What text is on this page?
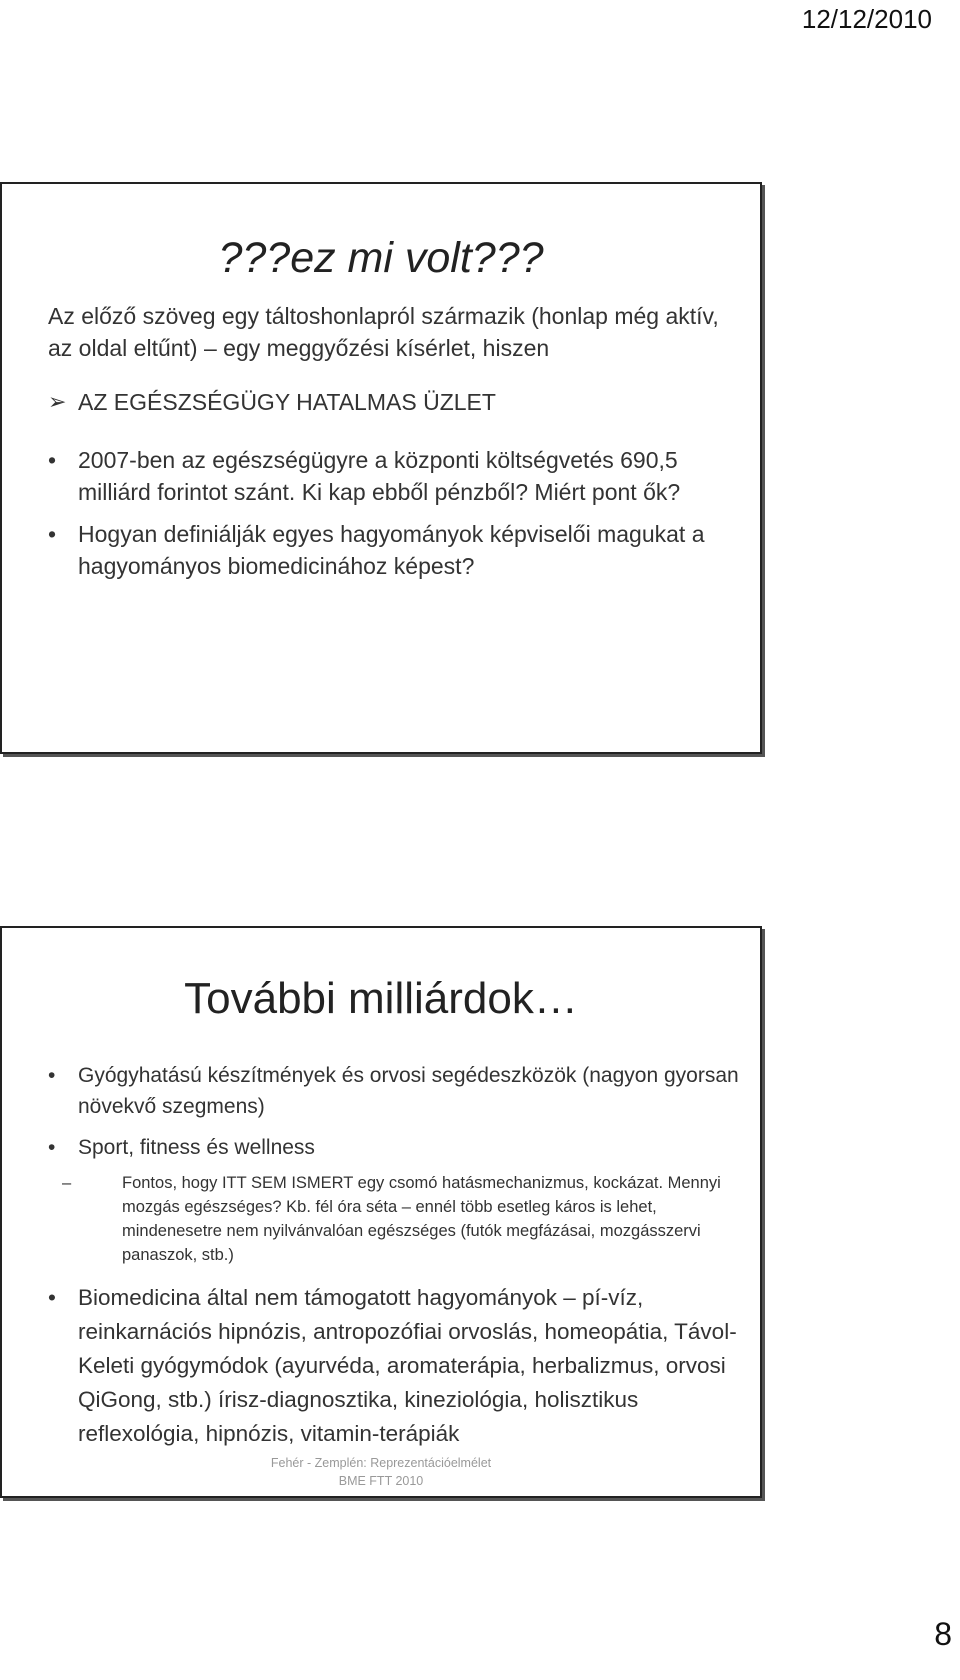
12/12/2010
???ez mi volt???

Az előző szöveg egy táltoshonlapról származik (honlap még aktív, az oldal eltűnt) – egy meggyőzési kísérlet, hiszen

➢ AZ EGÉSZSÉGÜGY HATALMAS ÜZLET
• 2007-ben az egészségügyre a központi költségvetés 690,5 milliárd forintot szánt. Ki kap ebből pénzből? Miért pont ők?
• Hogyan definiálják egyes hagyományok képviselői magukat a hagyományos biomedicinához képest?
További milliárdok…
•	Gyógyhatású készítmények és orvosi segédeszközök (nagyon gyorsan növekvő szegmens)
•	Sport, fitness és wellness
–	Fontos, hogy ITT SEM ISMERT egy csomó hatásmechanizmus, kockázat. Mennyi mozgás egészséges? Kb. fél óra séta – ennél több esetleg káros is lehet, mindenesetre nem nyilvánvalóan egészséges (futók megfázásai, mozgásszervi panaszok, stb.)
• Biomedicina által nem támogatott hagyományok – pí-víz, reinkarnációs hipnózis, antropozófiai orvoslás, homeopátia, Távol-Keleti gyógymódok (ayurvéda, aromaterápia, herbalizmus, orvosi QiGong, stb.) írisz-diagnosztika, kineziológia, holisztikus reflexológia, hipnózis, vitamin-terápiák
Fehér - Zemplén: Reprezentációelmélet
BME FTT 2010
8
